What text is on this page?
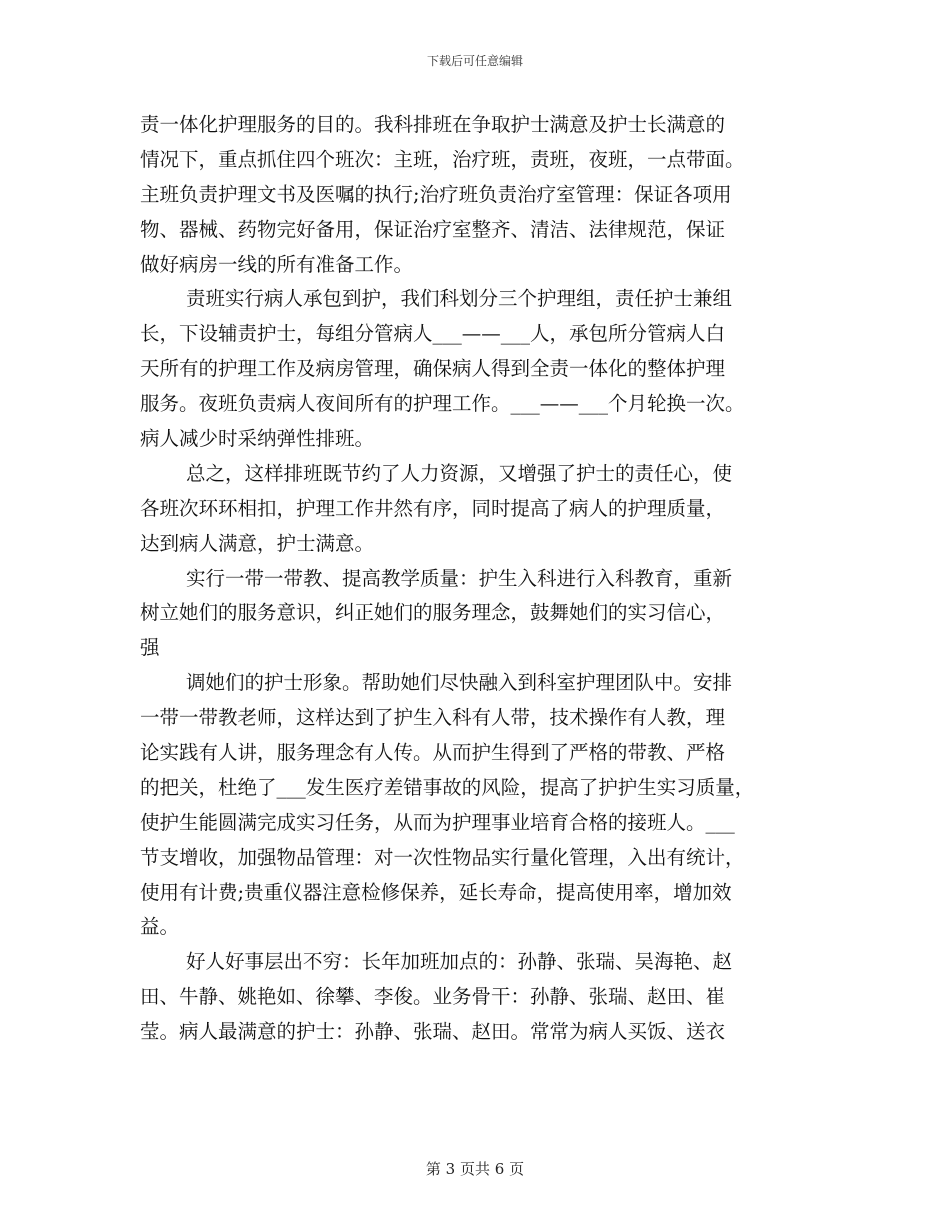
下载后可任意编辑
责一体化护理服务的目的。我科排班在争取护士满意及护士长满意的
情况下，重点抓住四个班次：主班，治疗班，责班，夜班，一点带面。
主班负责护理文书及医嘱的执行;治疗班负责治疗室管理：保证各项用
物、器械、药物完好备用，保证治疗室整齐、清洁、法律规范，保证
做好病房一线的所有准备工作。
责班实行病人承包到护，我们科划分三个护理组，责任护士兼组
长，下设辅责护士，每组分管病人___——___人，承包所分管病人白
天所有的护理工作及病房管理，确保病人得到全责一体化的整体护理
服务。夜班负责病人夜间所有的护理工作。___——___个月轮换一次。
病人减少时采纳弹性排班。
总之，这样排班既节约了人力资源，又增强了护士的责任心，使
各班次环环相扣，护理工作井然有序，同时提高了病人的护理质量，
达到病人满意，护士满意。
实行一带一带教、提高教学质量：护生入科进行入科教育，重新
树立她们的服务意识，纠正她们的服务理念，鼓舞她们的实习信心，
强
调她们的护士形象。帮助她们尽快融入到科室护理团队中。安排
一带一带教老师，这样达到了护生入科有人带，技术操作有人教，理
论实践有人讲，服务理念有人传。从而护生得到了严格的带教、严格
的把关，杜绝了___发生医疗差错事故的风险，提高了护护生实习质量，
使护生能圆满完成实习任务，从而为护理事业培育合格的接班人。___
节支增收，加强物品管理：对一次性物品实行量化管理，入出有统计，
使用有计费;贵重仪器注意检修保养，延长寿命，提高使用率，增加效
益。
好人好事层出不穷：长年加班加点的：孙静、张瑞、吴海艳、赵
田、牛静、姚艳如、徐攀、李俊。业务骨干：孙静、张瑞、赵田、崔
莹。病人最满意的护士：孙静、张瑞、赵田。常常为病人买饭、送衣
第 3 页共 6 页
